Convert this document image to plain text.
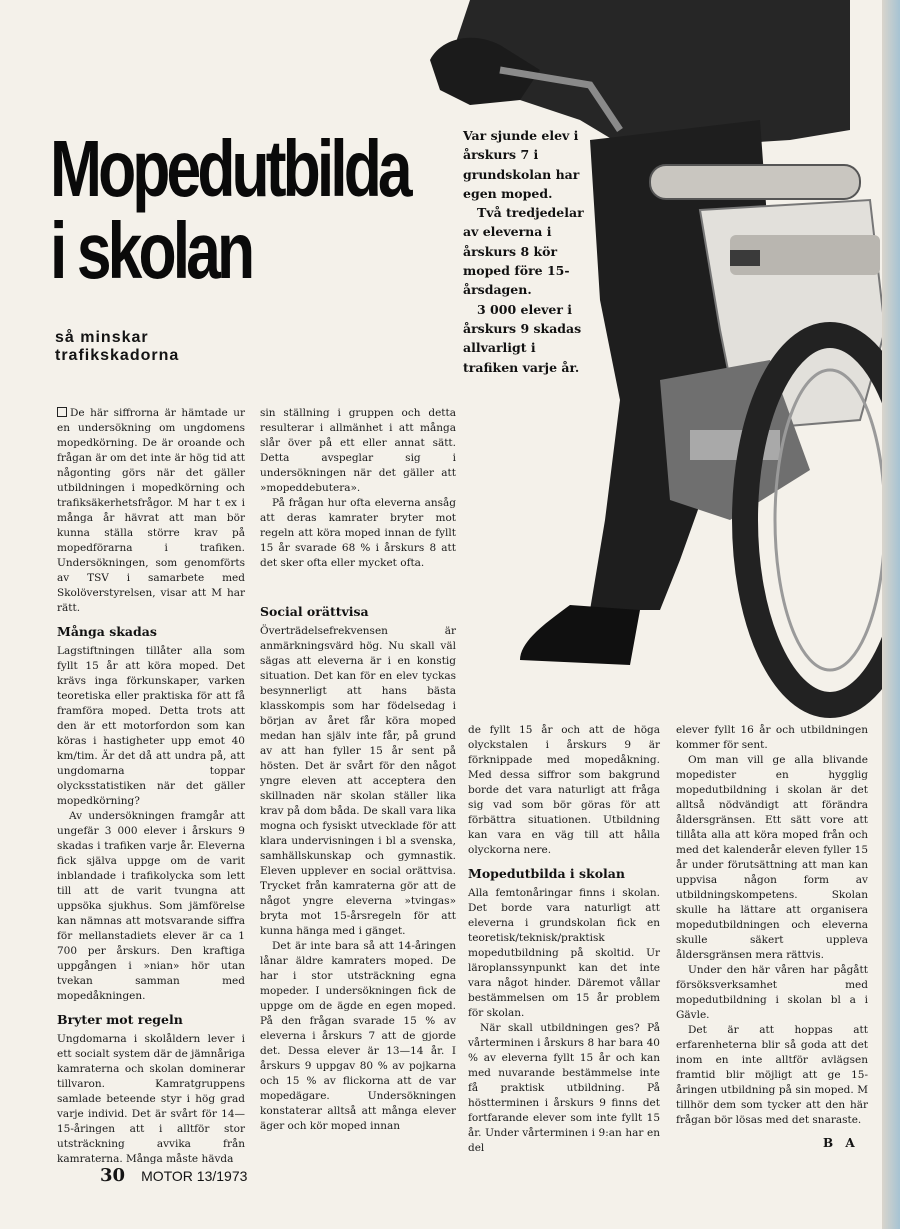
Mopedutbilda
i skolan
så minskar trafikskadorna

Var sjunde elev i årskurs 7 i grundskolan har egen moped.

Två tredjedelar av eleverna i årskurs 8 kör moped före 15-årsdagen.

3 000 elever i årskurs 9 skadas allvarligt i trafiken varje år.

De här siffrorna är hämtade ur en undersökning om ungdomens mopedkörning. De är oroande och frågan är om det inte är hög tid att någonting görs när det gäller utbildningen i mopedkörning och trafiksäkerhetsfrågor. M har t ex i många år hävrat att man bör kunna ställa större krav på mopedförarna i trafiken. Undersökningen, som genomförts av TSV i samarbete med Skolöverstyrelsen, visar att M har rätt.

Många skadas

Lagstiftningen tillåter alla som fyllt 15 år att köra moped. Det krävs inga förkunskaper, varken teoretiska eller praktiska för att få framföra moped. Detta trots att den är ett motorfordon som kan köras i hastigheter upp emot 40 km/tim. Är det då att undra på, att ungdomarna toppar olycksstatistiken när det gäller mopedkörning?

Av undersökningen framgår att ungefär 3 000 elever i årskurs 9 skadas i trafiken varje år. Eleverna fick själva uppge om de varit inblandade i trafikolycka som lett till att de varit tvungna att uppsöka sjukhus. Som jämförelse kan nämnas att motsvarande siffra för mellanstadiets elever är ca 1 700 per årskurs. Den kraftiga uppgången i »nian» hör utan tvekan samman med mopedåkningen.

Bryter mot regeln

Ungdomarna i skolåldern lever i ett socialt system där de jämnåriga kamraterna och skolan dominerar tillvaron. Kamratgruppens samlade beteende styr i hög grad varje individ. Det är svårt för 14—15-åringen att i alltför stor utsträckning avvika från kamraterna. Många måste hävda

sin ställning i gruppen och detta resulterar i allmänhet i att många slår över på ett eller annat sätt. Detta avspeglar sig i undersökningen när det gäller att »mopeddebutera».

På frågan hur ofta eleverna ansåg att deras kamrater bryter mot regeln att köra moped innan de fyllt 15 år svarade 68 % i årskurs 8 att det sker ofta eller mycket ofta.

Social orättvisa

Överträdelsefrekvensen är anmärkningsvärd hög. Nu skall väl sägas att eleverna är i en konstig situation. Det kan för en elev tyckas besynnerligt att hans bästa klasskompis som har födelsedag i början av året får köra moped medan han själv inte får, på grund av att han fyller 15 år sent på hösten. Det är svårt för den något yngre eleven att acceptera den skillnaden när skolan ställer lika krav på dom båda. De skall vara lika mogna och fysiskt utvecklade för att klara undervisningen i bl a svenska, samhällskunskap och gymnastik. Eleven upplever en social orättvisa. Trycket från kamraterna gör att de något yngre eleverna »tvingas» bryta mot 15-årsregeln för att kunna hänga med i gänget.

Det är inte bara så att 14-åringen lånar äldre kamraters moped. De har i stor utsträckning egna mopeder. I undersökningen fick de uppge om de ägde en egen moped. På den frågan svarade 15 % av eleverna i årskurs 7 att de gjorde det. Dessa elever är 13—14 år. I årskurs 9 uppgav 80 % av pojkarna och 15 % av flickorna att de var mopedägare. Undersökningen konstaterar alltså att många elever äger och kör moped innan

de fyllt 15 år och att de höga olyckstalen i årskurs 9 är förknippade med mopedåkning. Med dessa siffror som bakgrund borde det vara naturligt att fråga sig vad som bör göras för att förbättra situationen. Utbildning kan vara en väg till att hålla olyckorna nere.

Mopedutbilda i skolan

Alla femtonåringar finns i skolan. Det borde vara naturligt att eleverna i grundskolan fick en teoretisk/teknisk/praktisk mopedutbildning på skoltid. Ur läroplanssynpunkt kan det inte vara något hinder. Däremot vållar bestämmelsen om 15 år problem för skolan.

När skall utbildningen ges? På vårterminen i årskurs 8 har bara 40 % av eleverna fyllt 15 år och kan med nuvarande bestämmelse inte få praktisk utbildning. På höstterminen i årskurs 9 finns det fortfarande elever som inte fyllt 15 år. Under vårterminen i 9:an har en del

elever fyllt 16 år och utbildningen kommer för sent.

Om man vill ge alla blivande mopedister en hygglig mopedutbildning i skolan är det alltså nödvändigt att förändra åldersgränsen. Ett sätt vore att tillåta alla att köra moped från och med det kalenderår eleven fyller 15 år under förutsättning att man kan uppvisa någon form av utbildningskompetens. Skolan skulle ha lättare att organisera mopedutbildningen och eleverna skulle säkert uppleva åldersgränsen mera rättvis.

Under den här våren har pågått försöksverksamhet med mopedutbildning i skolan bl a i Gävle.

Det är att hoppas att erfarenheterna blir så goda att det inom en inte alltför avlägsen framtid blir möjligt att ge 15-åringen utbildning på sin moped. M tillhör dem som tycker att den här frågan bör lösas med det snaraste.

B A
30 MOTOR 13/1973
